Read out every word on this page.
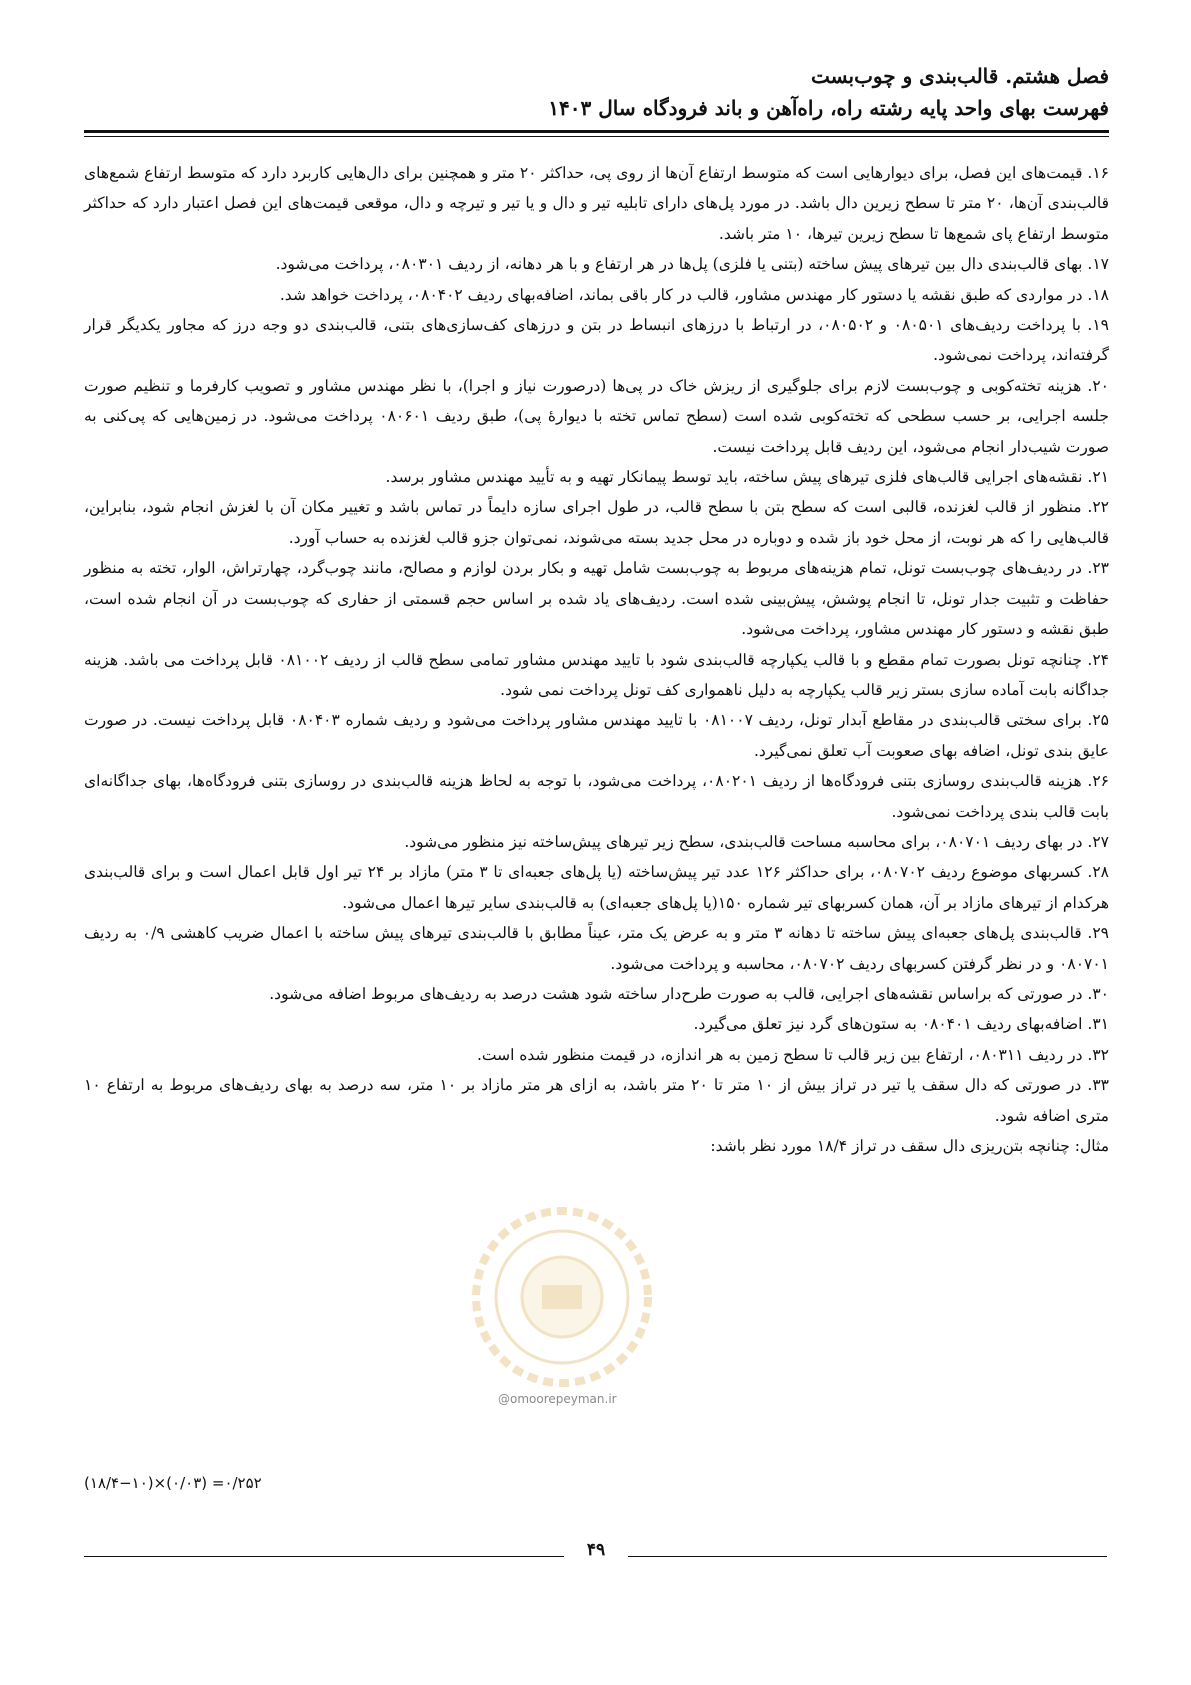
فصل هشتم. قالب‌بندی و چوب‌بست
فهرست بهای واحد پایه رشته راه، راه‌آهن و باند فرودگاه سال ۱۴۰۳

۱۶. قیمت‌های این فصل، برای دیوارهایی است که متوسط ارتفاع آن‌ها از روی پی، حداکثر ۲۰ متر و همچنین برای دال‌هایی کاربرد دارد که متوسط ارتفاع شمع‌های قالب‌بندی آن‌ها، ۲۰ متر تا سطح زیرین دال باشد. در مورد پل‌های دارای تابلیه تیر و دال و یا تیر و تیرچه و دال، موقعی قیمت‌های این فصل اعتبار دارد که حداکثر متوسط ارتفاع پای شمع‌ها تا سطح زیرین تیرها، ۱۰ متر باشد.

۱۷. بهای قالب‌بندی دال بین تیرهای پیش ساخته (بتنی یا فلزی) پل‌ها در هر ارتفاع و با هر دهانه، از ردیف ۰۸۰۳۰۱، پرداخت می‌شود.

۱۸. در مواردی که طبق نقشه یا دستور کار مهندس مشاور، قالب در کار باقی بماند، اضافه‌بهای ردیف ۰۸۰۴۰۲، پرداخت خواهد شد.

۱۹. با پرداخت ردیف‌های ۰۸۰۵۰۱ و ۰۸۰۵۰۲، در ارتباط با درزهای انبساط در بتن و درزهای کف‌سازی‌های بتنی، قالب‌بندی دو وجه درز که مجاور یکدیگر قرار گرفته‌اند، پرداخت نمی‌شود.

۲۰. هزینه تخته‌کوبی و چوب‌بست لازم برای جلوگیری از ریزش خاک در پی‌ها (درصورت نیاز و اجرا)، با نظر مهندس مشاور و تصویب کارفرما و تنظیم صورت جلسه اجرایی، بر حسب سطحی که تخته‌کوبی شده است (سطح تماس تخته با دیوارهٔ پی)، طبق ردیف ۰۸۰۶۰۱ پرداخت می‌شود. در زمین‌هایی که پی‌کنی به صورت شیب‌دار انجام می‌شود، این ردیف قابل پرداخت نیست.

۲۱. نقشه‌های اجرایی قالب‌های فلزی تیرهای پیش ساخته، باید توسط پیمانکار تهیه و به تأیید مهندس مشاور برسد.

۲۲. منظور از قالب لغزنده، قالبی است که سطح بتن با سطح قالب، در طول اجرای سازه دایماً در تماس باشد و تغییر مکان آن با لغزش انجام شود، بنابراین، قالب‌هایی را که هر نوبت، از محل خود باز شده و دوباره در محل جدید بسته می‌شوند، نمی‌توان جزو قالب لغزنده به حساب آورد.

۲۳. در ردیف‌های چوب‌بست تونل، تمام هزینه‌های مربوط به چوب‌بست شامل تهیه و بکار بردن لوازم و مصالح، مانند چوب‌گرد، چهارتراش، الوار، تخته به منظور حفاظت و تثبیت جدار تونل، تا انجام پوشش، پیش‌بینی شده است. ردیف‌های یاد شده بر اساس حجم قسمتی از حفاری که چوب‌بست در آن انجام شده است، طبق نقشه و دستور کار مهندس مشاور، پرداخت می‌شود.

۲۴. چنانچه تونل بصورت تمام مقطع و با قالب یکپارچه قالب‌بندی شود با تایید مهندس مشاور تمامی سطح قالب از ردیف ۰۸۱۰۰۲ قابل پرداخت می باشد. هزینه جداگانه بابت آماده سازی بستر زیر قالب یکپارچه به دلیل ناهمواری کف تونل پرداخت نمی شود.

۲۵. برای سختی قالب‌بندی در مقاطع آبدار تونل، ردیف ۰۸۱۰۰۷ با تایید مهندس مشاور پرداخت می‌شود و ردیف شماره ۰۸۰۴۰۳ قابل پرداخت نیست. در صورت عایق بندی تونل، اضافه بهای صعوبت آب تعلق نمی‌گیرد.

۲۶. هزینه قالب‌بندی روسازی بتنی فرودگاه‌ها از ردیف ۰۸۰۲۰۱، پرداخت می‌شود، با توجه به لحاظ هزینه قالب‌بندی در روسازی بتنی فرودگاه‌ها، بهای جداگانه‌ای بابت قالب بندی پرداخت نمی‌شود.

۲۷. در بهای ردیف ۰۸۰۷۰۱، برای محاسبه مساحت قالب‌بندی، سطح زیر تیرهای پیش‌ساخته نیز منظور می‌شود.

۲۸. کسربهای موضوع ردیف ۰۸۰۷۰۲، برای حداکثر ۱۲۶ عدد تیر پیش‌ساخته (یا پل‌های جعبه‌ای تا ۳ متر) مازاد بر ۲۴ تیر اول قابل اعمال است و برای قالب‌بندی هرکدام از تیرهای مازاد بر آن، همان کسربهای تیر شماره ۱۵۰(یا پل‌های جعبه‌ای) به قالب‌بندی سایر تیرها اعمال می‌شود.

۲۹. قالب‌بندی پل‌های جعبه‌ای پیش ساخته تا دهانه ۳ متر و به عرض یک متر، عیناً مطابق با قالب‌بندی تیرهای پیش ساخته با اعمال ضریب کاهشی ۰/۹ به ردیف ۰۸۰۷۰۱ و در نظر گرفتن کسربهای ردیف ۰۸۰۷۰۲، محاسبه و پرداخت می‌شود.

۳۰. در صورتی که براساس نقشه‌های اجرایی، قالب به صورت طرح‌دار ساخته شود هشت درصد به ردیف‌های مربوط اضافه می‌شود.

۳۱. اضافه‌بهای ردیف ۰۸۰۴۰۱ به ستون‌های گرد نیز تعلق می‌گیرد.

۳۲. در ردیف ۰۸۰۳۱۱، ارتفاع بین زیر قالب تا سطح زمین به هر اندازه، در قیمت منظور شده است.

۳۳. در صورتی که دال سقف یا تیر در تراز بیش از ۱۰ متر تا ۲۰ متر باشد، به ازای هر متر مازاد بر ۱۰ متر، سه درصد به بهای ردیف‌های مربوط به ارتفاع ۱۰ متری اضافه شود.

مثال: چنانچه بتن‌ریزی دال سقف در تراز ۱۸/۴ مورد نظر باشد:

(۱۸/۴−۱۰)×(۰/۰۳) =۰/۲۵۲
@omoorepeyman.ir
۴۹
